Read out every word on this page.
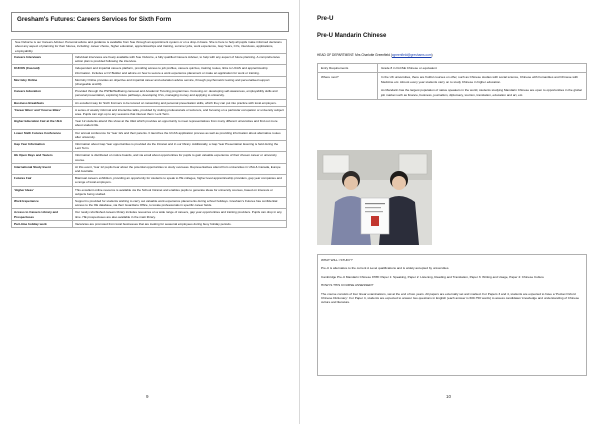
Gresham's Futures: Careers Services for Sixth Form
Sue Osborne is our Careers Adviser. Personal advice and guidance is available from Sue through an appointment system or on a drop-in basis. She is here to help all pupils make informed decisions about any aspect of planning for their futures, including: career choice, higher education, apprenticeships and training, summer jobs, work experience, Gap Years, CVs, interviews, applications, employability.
Careers Interviews	Individual interviews are freely available with Sue Osborne, a fully qualified Careers Adviser, to help with any aspect of future planning. A comprehensive action plan is provided following the interview.
KUDOS (Cascaid)	Independent and impartial careers platform, providing access to job profiles, careers quizzes, training routes, links to UCAS and apprenticeship information. Includes a CV Builder and advice on how to secure a work experience placement or make an application for work or training.
Morrisby Online	Morrisby Online provides an objective and impartial career and education advice service, through psychometric testing and personalised support (chargeable at £30).
Careers Education	Provided through the PSHE/Wellbeing carousel and Academic Tutoring programmes. Focusing on: developing self-awareness, employability skills and personal presentation, exploring future pathways, developing CVs, managing money and applying to university.
Business Breakfasts	An excellent way for Sixth Formers to be tutored on networking and personal presentation skills, which they can put into practice with local employers.
'Career Bites' and 'Course Bites'	A series of weekly informal and interactive talks, provided by visiting professionals or lecturers, and focusing on a particular occupation or university subject area. Pupils can sign up to any sessions that interest them: Lent Term.
Higher Education Fair at the UEA	Year 12 students attend this show at the UEA which provides an opportunity to meet representatives from many different universities and find out more about student life.
Lower Sixth Futures Conference	Our annual conference for Year 12s and their parents. It launches the UCAS application process as well as providing information about alternative routes after university.
Gap Year Information	Information about Gap Year opportunities is provided via the Intranet and in our library. Additionally, a Gap Year Presentation Evening is held during the Lent Term.
HE Open Days and Tasters	Information is distributed on notice boards, and via email about opportunities for pupils to gain valuable experience of their chosen career or university course.
International Study Event	At this event, Year 12 pupils hear about the potential opportunities to study overseas. Representatives attend from universities in USA & Canada, Europe and Australia.
Futures Fair	Biannual careers exhibition, providing an opportunity for students to speak to HE colleges, higher level apprenticeship providers, gap year companies and a range of local employers.
'Higher Ideas'	This excellent online resource is available via the School Intranet and enables pupils to generate ideas for university courses, based on interests or subjects being studied.
Work Experience	Support is provided for students wishing to carry out valuable work experience placements during school holidays. Gresham's Futures has confidential access to the OE database, via their Guardians Office, to locate professionals in specific career fields.
Access to Careers Library and Prospectuses	Our newly refurbished careers library includes resources on a wide range of careers, gap year opportunities and training providers. Pupils can drop in any time. HE prospectuses are also available in the main library.
Part-time holiday work	Vacancies are promoted from local businesses that are looking for seasonal employees during busy holiday periods.
9
Pre-U
Pre-U Mandarin Chinese
HEAD OF DEPARTMENT: Mrs Charlotte Greenfield (cgreenfield@greshams.com)
Entry Requirements	Grade 8 in IGCSE Chinese or equivalent
Where next?	In the UK universities, there are fruitful courses on offer, such as Chinese studies with social science, Chinese with humanities and Chinese with Medicine etc. Almost every year students carry on to study Chinese in higher education.
As Mandarin has the largest population of native speakers in the world, students studying Mandarin Chinese are open to opportunities in the global job market such as finance, business, journalism, diplomacy, tourism, translation, education and art, etc.

WHAT WILL I STUDY?

Pre-U is alternative to the current A Level qualifications and is widely accepted by universities.

Cambridge Pre-U Mandarin Chinese 9788: Paper 1: Speaking, Paper 2: Listening, Reading and Translation, Paper 3: Writing and Usage, Paper 4: Chinese Culture

HOW IS THIS COURSE ASSESSED?

The course consists of four linear examinations, sat at the end of two years. All papers are externally set and marked. For Papers 3 and 4, students are expected to have a 'Pocket Oxford Chinese Dictionary'. For Paper 4, students are expected to answer two questions in English (each answer is 600-750 words) to assess candidates' knowledge and understanding of Chinese culture and literature.

10
